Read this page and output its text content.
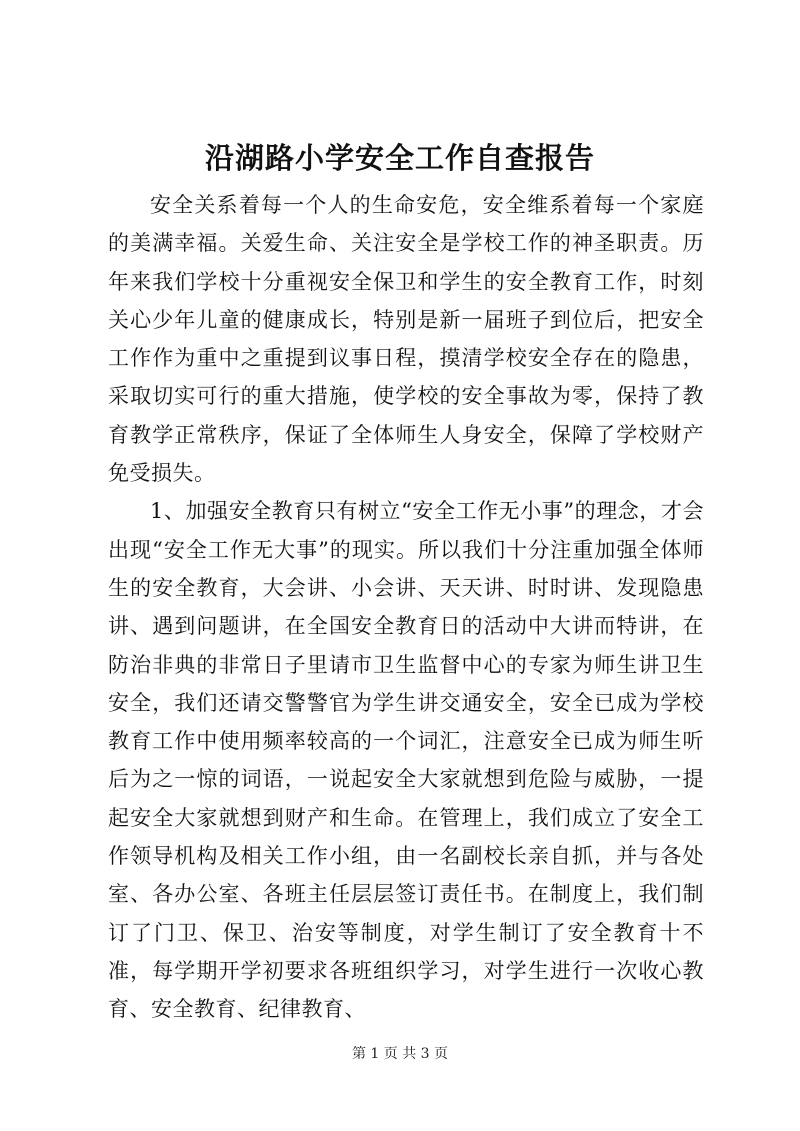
沿湖路小学安全工作自查报告

安全关系着每一个人的生命安危，安全维系着每一个家庭的美满幸福。关爱生命、关注安全是学校工作的神圣职责。历年来我们学校十分重视安全保卫和学生的安全教育工作，时刻关心少年儿童的健康成长，特别是新一届班子到位后，把安全工作作为重中之重提到议事日程，摸清学校安全存在的隐患，采取切实可行的重大措施，使学校的安全事故为零，保持了教育教学正常秩序，保证了全体师生人身安全，保障了学校财产免受损失。

1、加强安全教育只有树立“安全工作无小事”的理念，才会出现“安全工作无大事”的现实。所以我们十分注重加强全体师生的安全教育，大会讲、小会讲、天天讲、时时讲、发现隐患讲、遇到问题讲，在全国安全教育日的活动中大讲而特讲，在防治非典的非常日子里请市卫生监督中心的专家为师生讲卫生安全，我们还请交警警官为学生讲交通安全，安全已成为学校教育工作中使用频率较高的一个词汇，注意安全已成为师生听后为之一惊的词语，一说起安全大家就想到危险与威胁，一提起安全大家就想到财产和生命。在管理上，我们成立了安全工作领导机构及相关工作小组，由一名副校长亲自抓，并与各处室、各办公室、各班主任层层签订责任书。在制度上，我们制订了门卫、保卫、治安等制度，对学生制订了安全教育十不准，每学期开学初要求各班组织学习，对学生进行一次收心教育、安全教育、纪律教育、

第 1 页 共 3 页
